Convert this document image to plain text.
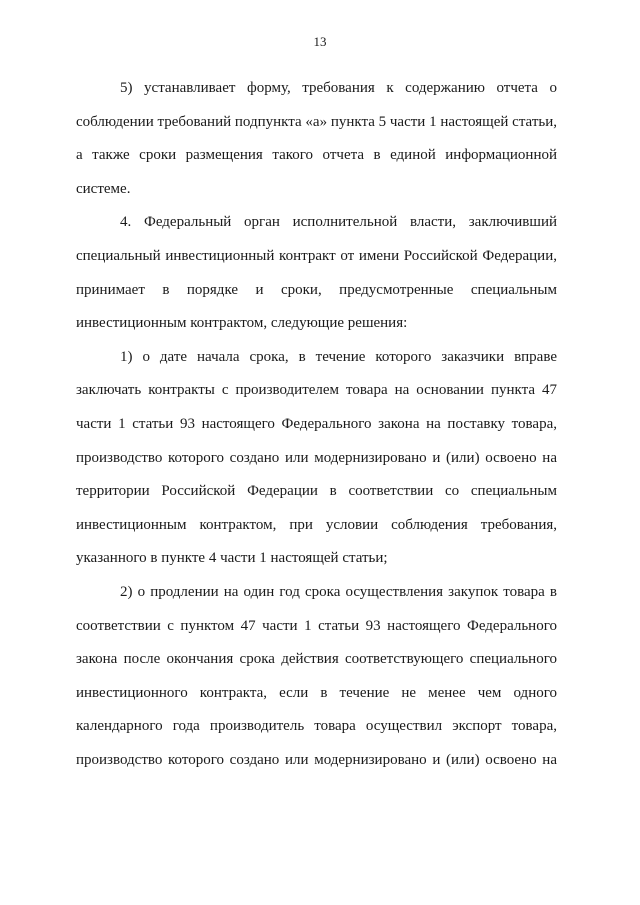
13

5) устанавливает форму, требования к содержанию отчета о

соблюдении требований подпункта «а» пункта 5 части 1 настоящей статьи,

а также сроки размещения такого отчета в единой информационной

системе.

4. Федеральный орган исполнительной власти, заключивший

специальный инвестиционный контракт от имени Российской Федерации,

принимает в порядке и сроки, предусмотренные специальным

инвестиционным контрактом, следующие решения:

1) о дате начала срока, в течение которого заказчики вправе

заключать контракты с производителем товара на основании пункта 47

части 1 статьи 93 настоящего Федерального закона на поставку товара,

производство которого создано или модернизировано и (или) освоено на

территории Российской Федерации в соответствии со специальным

инвестиционным контрактом, при условии соблюдения требования,

указанного в пункте 4 части 1 настоящей статьи;

2) о продлении на один год срока осуществления закупок товара в

соответствии с пунктом 47 части 1 статьи 93 настоящего Федерального

закона после окончания срока действия соответствующего специального

инвестиционного контракта, если в течение не менее чем одного

календарного года производитель товара осуществил экспорт товара,

производство которого создано или модернизировано и (или) освоено на
